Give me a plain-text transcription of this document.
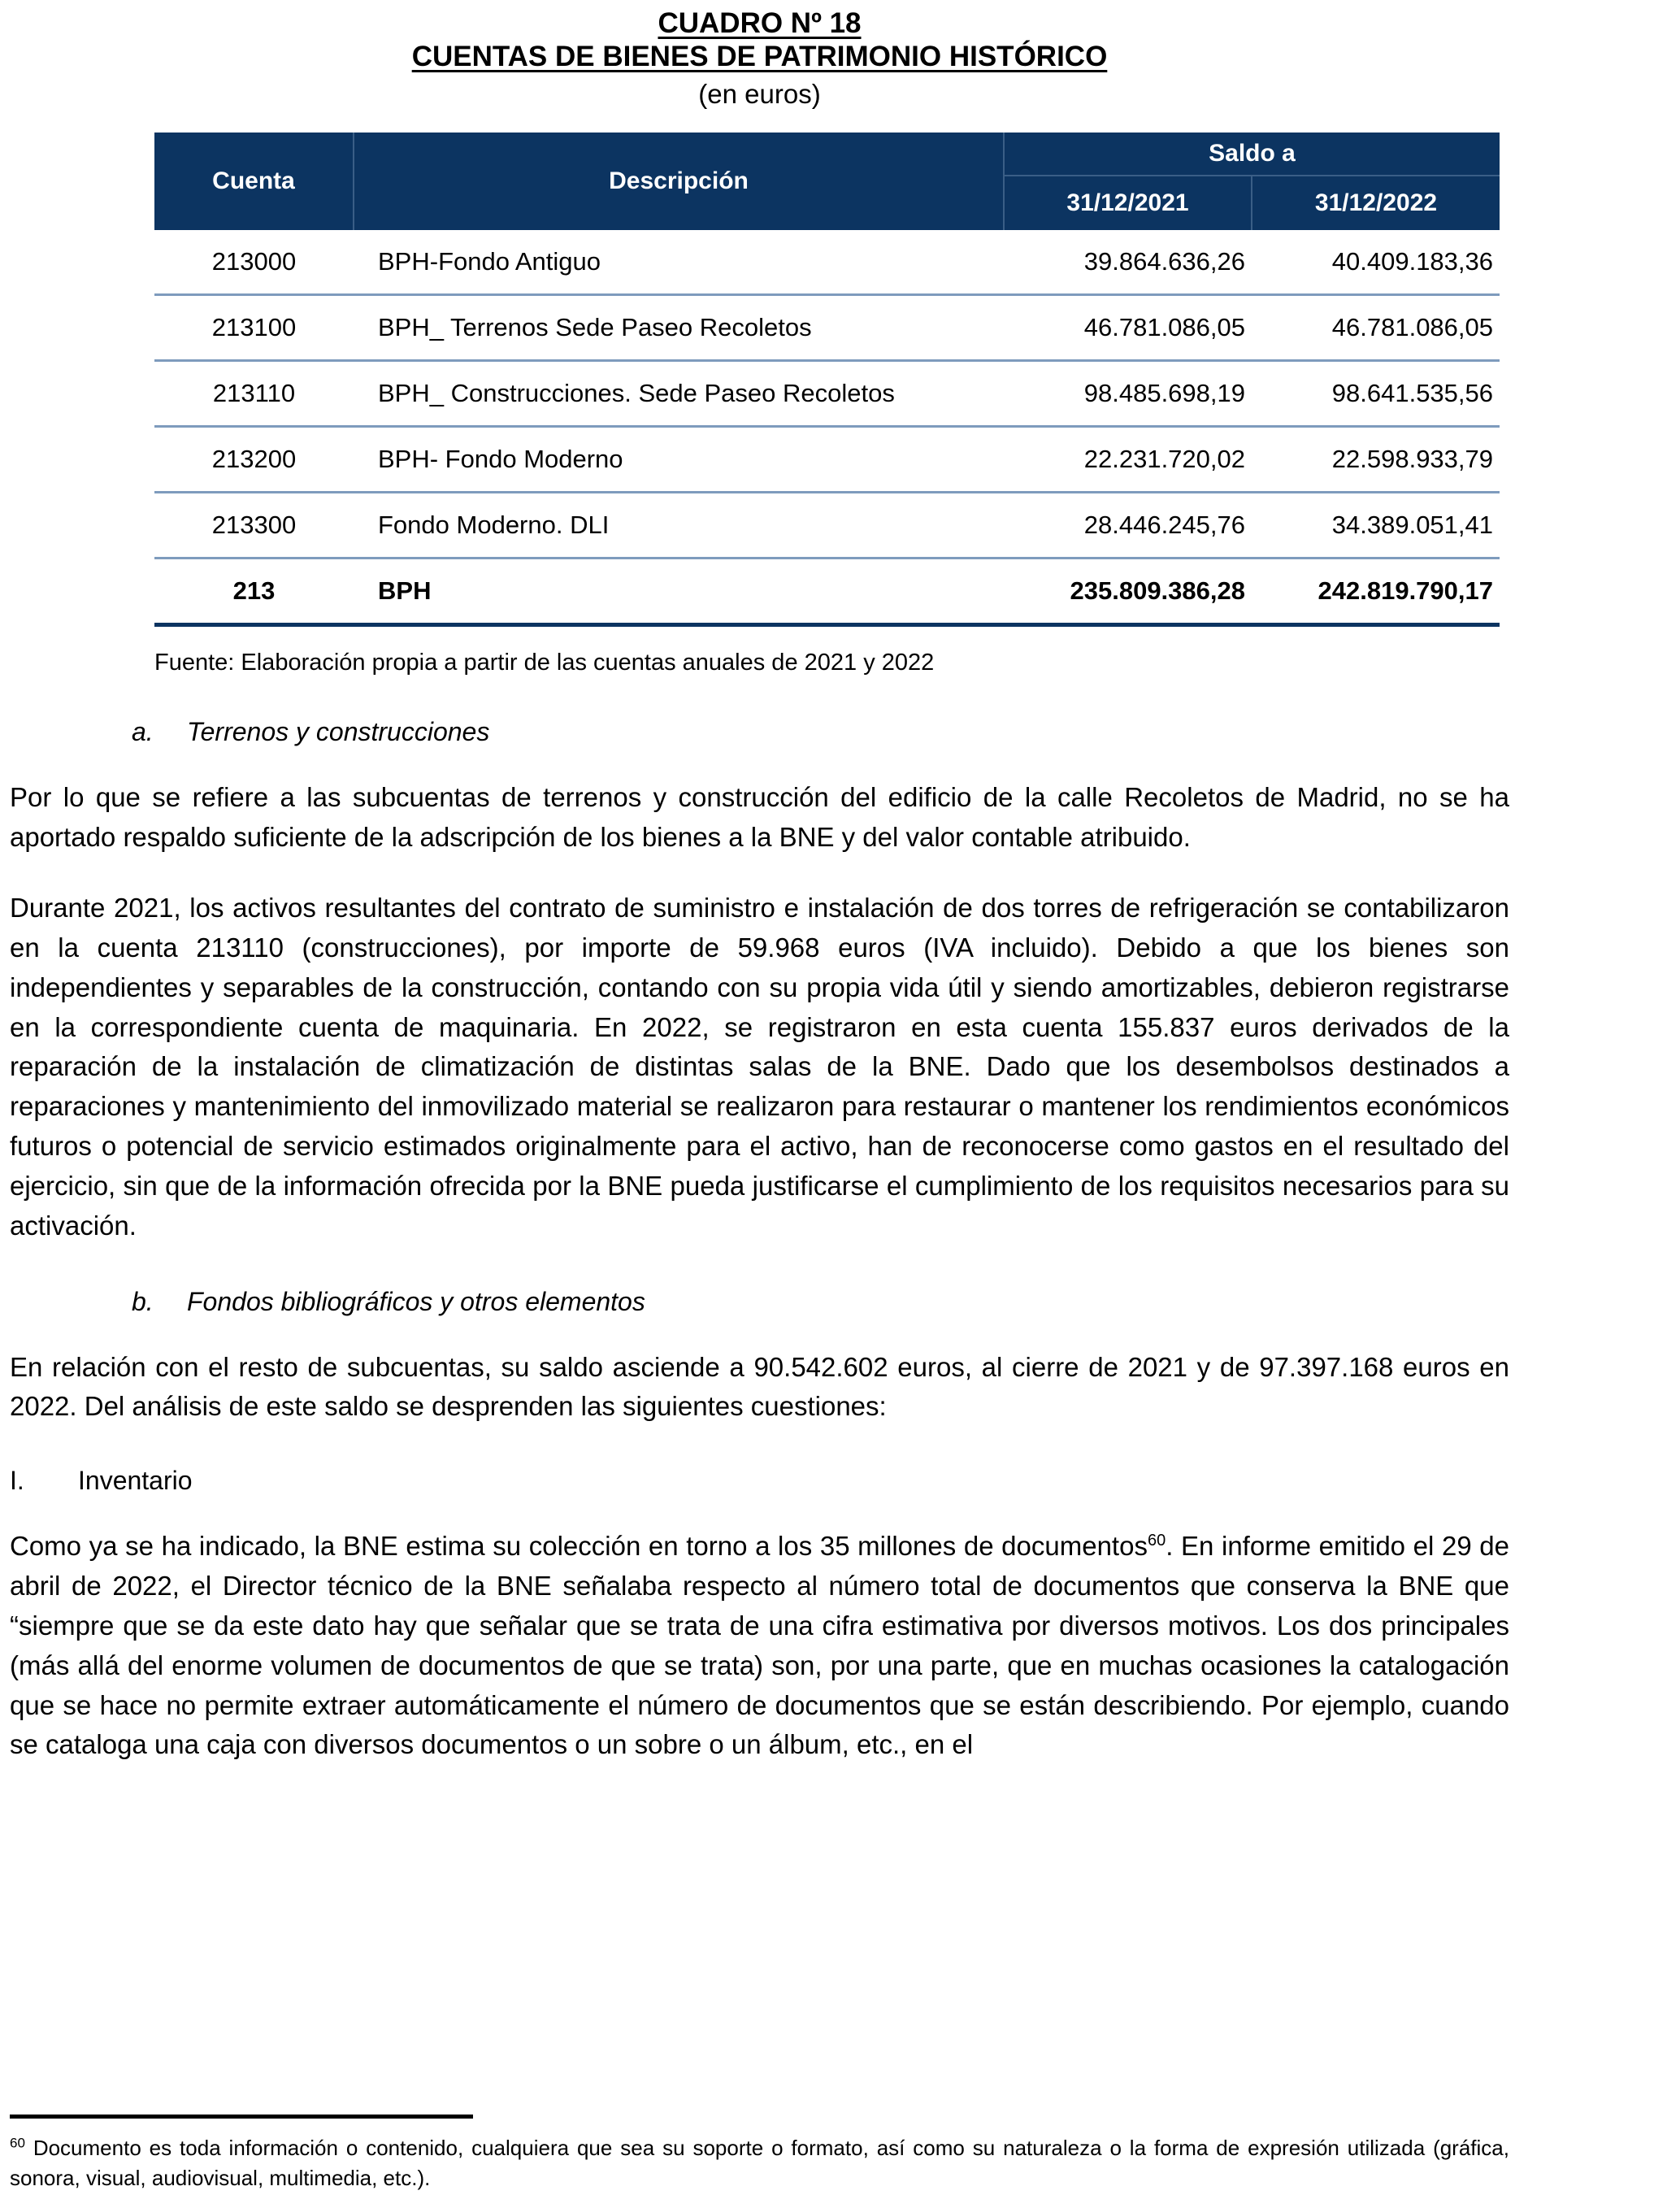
CUADRO Nº 18
CUENTAS DE BIENES DE PATRIMONIO HISTÓRICO
(en euros)
Cuenta	Descripción	Saldo a	
		31/12/2021	31/12/2022
213000	BPH-Fondo Antiguo	39.864.636,26	40.409.183,36
213100	BPH_ Terrenos Sede Paseo Recoletos	46.781.086,05	46.781.086,05
213110	BPH_ Construcciones. Sede Paseo Recoletos	98.485.698,19	98.641.535,56
213200	BPH- Fondo Moderno	22.231.720,02	22.598.933,79
213300	Fondo Moderno. DLI	28.446.245,76	34.389.051,41
213	BPH	235.809.386,28	242.819.790,17
Fuente: Elaboración propia a partir de las cuentas anuales de 2021 y 2022
a. Terrenos y construcciones

Por lo que se refiere a las subcuentas de terrenos y construcción del edificio de la calle Recoletos de Madrid, no se ha aportado respaldo suficiente de la adscripción de los bienes a la BNE y del valor contable atribuido.

Durante 2021, los activos resultantes del contrato de suministro e instalación de dos torres de refrigeración se contabilizaron en la cuenta 213110 (construcciones), por importe de 59.968 euros (IVA incluido). Debido a que los bienes son independientes y separables de la construcción, contando con su propia vida útil y siendo amortizables, debieron registrarse en la correspondiente cuenta de maquinaria. En 2022, se registraron en esta cuenta 155.837 euros derivados de la reparación de la instalación de climatización de distintas salas de la BNE. Dado que los desembolsos destinados a reparaciones y mantenimiento del inmovilizado material se realizaron para restaurar o mantener los rendimientos económicos futuros o potencial de servicio estimados originalmente para el activo, han de reconocerse como gastos en el resultado del ejercicio, sin que de la información ofrecida por la BNE pueda justificarse el cumplimiento de los requisitos necesarios para su activación.

b. Fondos bibliográficos y otros elementos

En relación con el resto de subcuentas, su saldo asciende a 90.542.602 euros, al cierre de 2021 y de 97.397.168 euros en 2022. Del análisis de este saldo se desprenden las siguientes cuestiones:

I. Inventario

Como ya se ha indicado, la BNE estima su colección en torno a los 35 millones de documentos$^{60}$. En informe emitido el 29 de abril de 2022, el Director técnico de la BNE señalaba respecto al número total de documentos que conserva la BNE que “siempre que se da este dato hay que señalar que se trata de una cifra estimativa por diversos motivos. Los dos principales (más allá del enorme volumen de documentos de que se trata) son, por una parte, que en muchas ocasiones la catalogación que se hace no permite extraer automáticamente el número de documentos que se están describiendo. Por ejemplo, cuando se cataloga una caja con diversos documentos o un sobre o un álbum, etc., en el

$^{60}$ Documento es toda información o contenido, cualquiera que sea su soporte o formato, así como su naturaleza o la forma de expresión utilizada (gráfica, sonora, visual, audiovisual, multimedia, etc.).
